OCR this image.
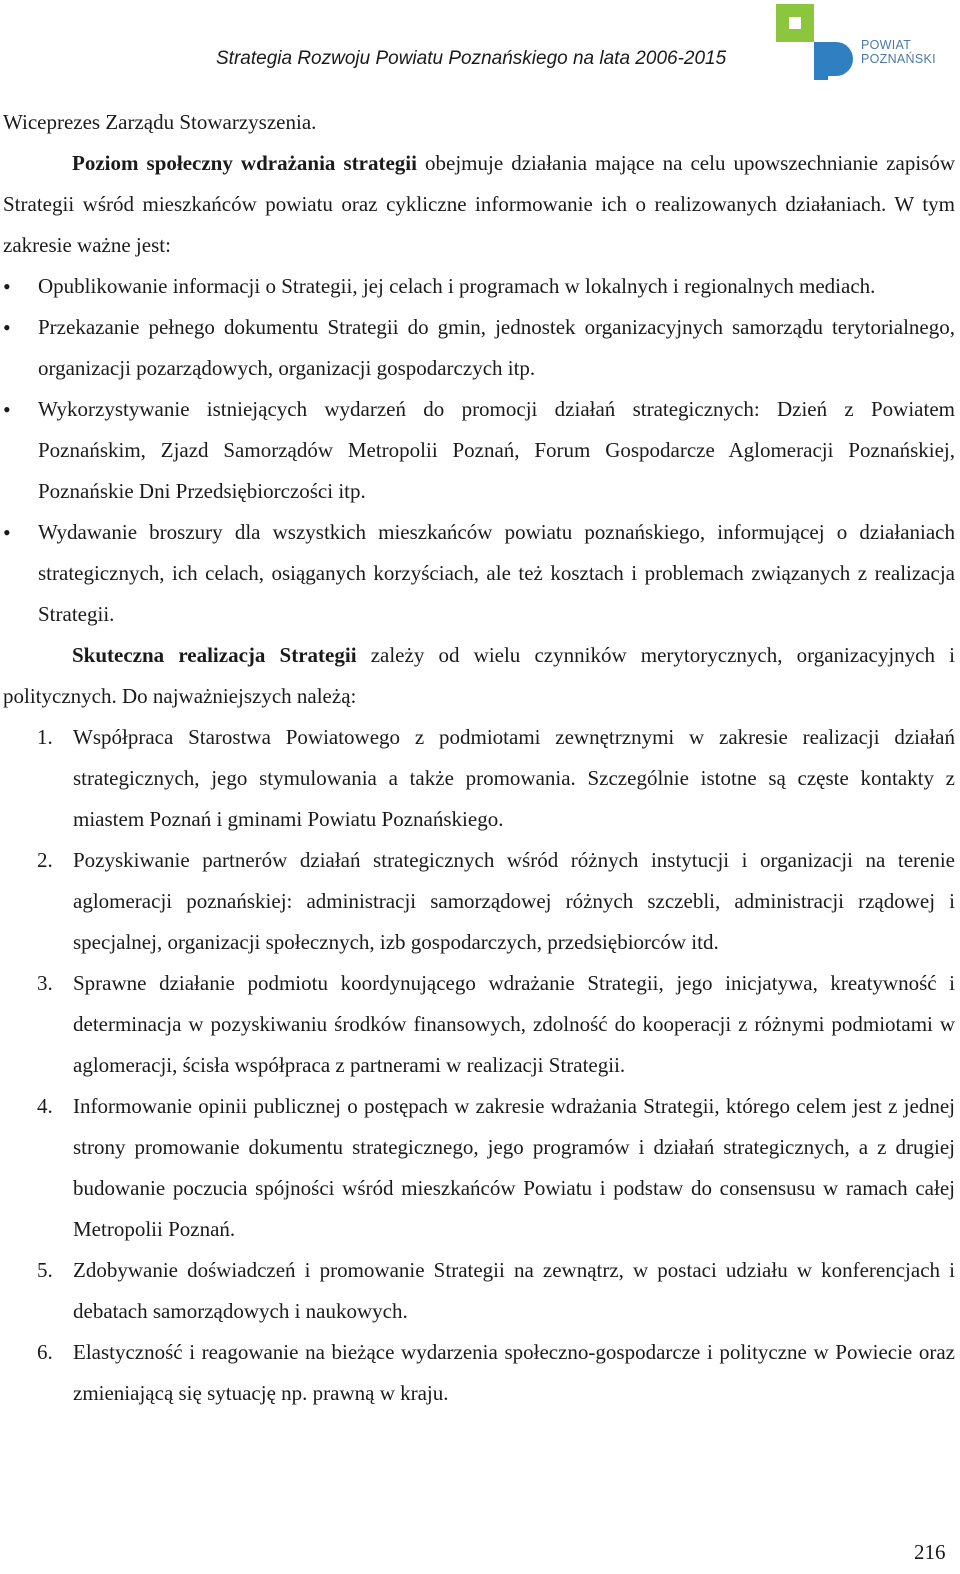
Strategia Rozwoju Powiatu Poznańskiego na lata 2006-2015
POWIAT
POZNAŃSKI

Wiceprezes Zarządu Stowarzyszenia.

Poziom społeczny wdrażania strategii obejmuje działania mające na celu upowszechnianie zapisów Strategii wśród mieszkańców powiatu oraz cykliczne informowanie ich o realizowanych działaniach. W tym zakresie ważne jest:

• Opublikowanie informacji o Strategii, jej celach i programach w lokalnych i regionalnych mediach.
• Przekazanie pełnego dokumentu Strategii do gmin, jednostek organizacyjnych samorządu terytorialnego, organizacji pozarządowych, organizacji gospodarczych itp.
• Wykorzystywanie istniejących wydarzeń do promocji działań strategicznych: Dzień z Powiatem Poznańskim, Zjazd Samorządów Metropolii Poznań, Forum Gospodarcze Aglomeracji Poznańskiej, Poznańskie Dni Przedsiębiorczości itp.
• Wydawanie broszury dla wszystkich mieszkańców powiatu poznańskiego, informującej o działaniach strategicznych, ich celach, osiąganych korzyściach, ale też kosztach i problemach związanych z realizacja Strategii.

Skuteczna realizacja Strategii zależy od wielu czynników merytorycznych, organizacyjnych i politycznych. Do najważniejszych należą:

1. Współpraca Starostwa Powiatowego z podmiotami zewnętrznymi w zakresie realizacji działań strategicznych, jego stymulowania a także promowania. Szczególnie istotne są częste kontakty z miastem Poznań i gminami Powiatu Poznańskiego.
2. Pozyskiwanie partnerów działań strategicznych wśród różnych instytucji i organizacji na terenie aglomeracji poznańskiej: administracji samorządowej różnych szczebli, administracji rządowej i specjalnej, organizacji społecznych, izb gospodarczych, przedsiębiorców itd.
3. Sprawne działanie podmiotu koordynującego wdrażanie Strategii, jego inicjatywa, kreatywność i determinacja w pozyskiwaniu środków finansowych, zdolność do kooperacji z różnymi podmiotami w aglomeracji, ścisła współpraca z partnerami w realizacji Strategii.
4. Informowanie opinii publicznej o postępach w zakresie wdrażania Strategii, którego celem jest z jednej strony promowanie dokumentu strategicznego, jego programów i działań strategicznych, a z drugiej budowanie poczucia spójności wśród mieszkańców Powiatu i podstaw do consensusu w ramach całej Metropolii Poznań.
5. Zdobywanie doświadczeń i promowanie Strategii na zewnątrz, w postaci udziału w konferencjach i debatach samorządowych i naukowych.
6. Elastyczność i reagowanie na bieżące wydarzenia społeczno-gospodarcze i polityczne w Powiecie oraz zmieniającą się sytuację np. prawną w kraju.
216
